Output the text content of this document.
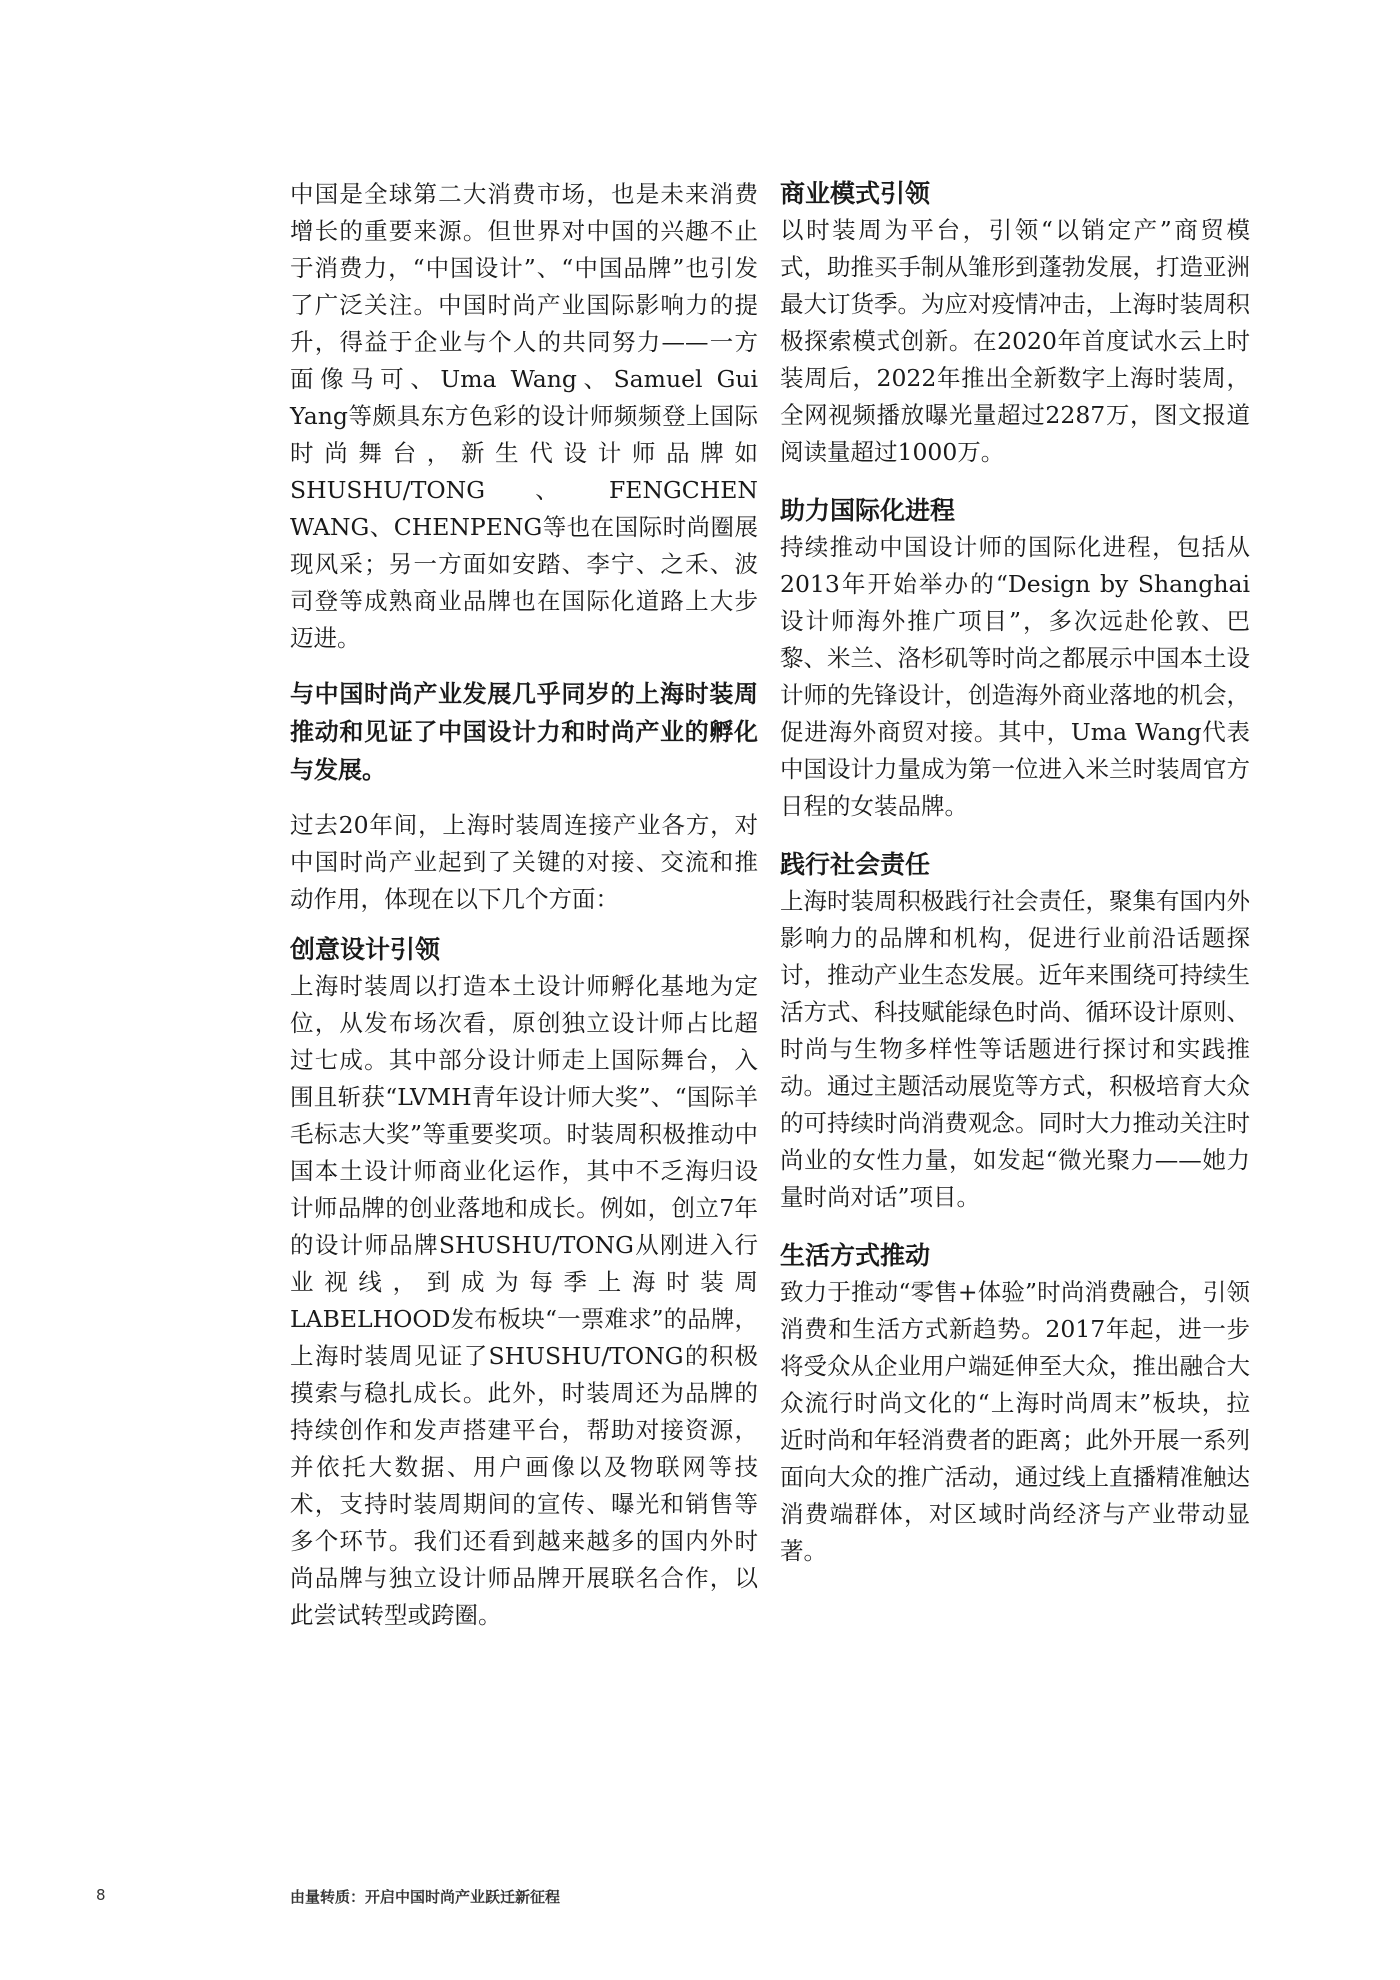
中国是全球第二大消费市场，也是未来消费增长的重要来源。但世界对中国的兴趣不止于消费力，“中国设计”、“中国品牌”也引发了广泛关注。中国时尚产业国际影响力的提升，得益于企业与个人的共同努力——一方面像马可、Uma Wang、Samuel Gui Yang等颇具东方色彩的设计师频频登上国际时尚舞台，新生代设计师品牌如SHUSHU/TONG、FENGCHEN WANG、CHENPENG等也在国际时尚圈展现风采；另一方面如安踏、李宁、之禾、波司登等成熟商业品牌也在国际化道路上大步迈进。

与中国时尚产业发展几乎同岁的上海时装周推动和见证了中国设计力和时尚产业的孵化与发展。

过去20年间，上海时装周连接产业各方，对中国时尚产业起到了关键的对接、交流和推动作用，体现在以下几个方面：

创意设计引领

上海时装周以打造本土设计师孵化基地为定位，从发布场次看，原创独立设计师占比超过七成。其中部分设计师走上国际舞台，入围且斩获“LVMH青年设计师大奖”、“国际羊毛标志大奖”等重要奖项。时装周积极推动中国本土设计师商业化运作，其中不乏海归设计师品牌的创业落地和成长。例如，创立7年的设计师品牌SHUSHU/TONG从刚进入行业视线，到成为每季上海时装周LABELHOOD发布板块“一票难求”的品牌，上海时装周见证了SHUSHU/TONG的积极摸索与稳扎成长。此外，时装周还为品牌的持续创作和发声搭建平台，帮助对接资源，并依托大数据、用户画像以及物联网等技术，支持时装周期间的宣传、曝光和销售等多个环节。我们还看到越来越多的国内外时尚品牌与独立设计师品牌开展联名合作，以此尝试转型或跨圈。

商业模式引领

以时装周为平台，引领“以销定产”商贸模式，助推买手制从雏形到蓬勃发展，打造亚洲最大订货季。为应对疫情冲击，上海时装周积极探索模式创新。在2020年首度试水云上时装周后，2022年推出全新数字上海时装周，全网视频播放曝光量超过2287万，图文报道阅读量超过1000万。

助力国际化进程

持续推动中国设计师的国际化进程，包括从2013年开始举办的“Design by Shanghai设计师海外推广项目”，多次远赴伦敦、巴黎、米兰、洛杉矶等时尚之都展示中国本土设计师的先锋设计，创造海外商业落地的机会，促进海外商贸对接。其中，Uma Wang代表中国设计力量成为第一位进入米兰时装周官方日程的女装品牌。

践行社会责任

上海时装周积极践行社会责任，聚集有国内外影响力的品牌和机构，促进行业前沿话题探讨，推动产业生态发展。近年来围绕可持续生活方式、科技赋能绿色时尚、循环设计原则、时尚与生物多样性等话题进行探讨和实践推动。通过主题活动展览等方式，积极培育大众的可持续时尚消费观念。同时大力推动关注时尚业的女性力量，如发起“微光聚力——她力量时尚对话”项目。

生活方式推动

致力于推动“零售+体验”时尚消费融合，引领消费和生活方式新趋势。2017年起，进一步将受众从企业用户端延伸至大众，推出融合大众流行时尚文化的“上海时尚周末”板块，拉近时尚和年轻消费者的距离；此外开展一系列面向大众的推广活动，通过线上直播精准触达消费端群体，对区域时尚经济与产业带动显著。

8	由量转质：开启中国时尚产业跃迁新征程
